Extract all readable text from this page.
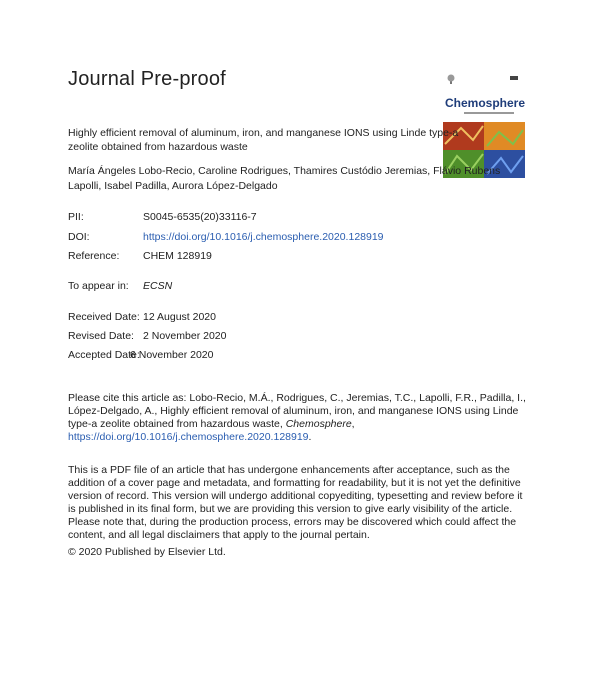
Journal Pre-proof
Chemosphere
Highly efficient removal of aluminum, iron, and manganese IONS using Linde type-a zeolite obtained from hazardous waste
María Ángeles Lobo-Recio, Caroline Rodrigues, Thamires Custódio Jeremias, Flávio Rubens Lapolli, Isabel Padilla, Aurora López-Delgado
PII:	S0045-6535(20)33116-7
DOI:	https://doi.org/10.1016/j.chemosphere.2020.128919
Reference: CHEM 128919
To appear in: ECSN
Received Date: 12 August 2020
Revised Date: 2 November 2020
Accepted Date:
6 November 2020
Please cite this article as: Lobo-Recio, M.Á., Rodrigues, C., Jeremias, T.C., Lapolli, F.R., Padilla, I., López-Delgado, A., Highly efficient removal of aluminum, iron, and manganese IONS using Linde type-a zeolite obtained from hazardous waste, Chemosphere, https://doi.org/10.1016/j.chemosphere.2020.128919.
This is a PDF file of an article that has undergone enhancements after acceptance, such as the addition of a cover page and metadata, and formatting for readability, but it is not yet the definitive version of record. This version will undergo additional copyediting, typesetting and review before it is published in its final form, but we are providing this version to give early visibility of the article. Please note that, during the production process, errors may be discovered which could affect the content, and all legal disclaimers that apply to the journal pertain.
© 2020 Published by Elsevier Ltd.
